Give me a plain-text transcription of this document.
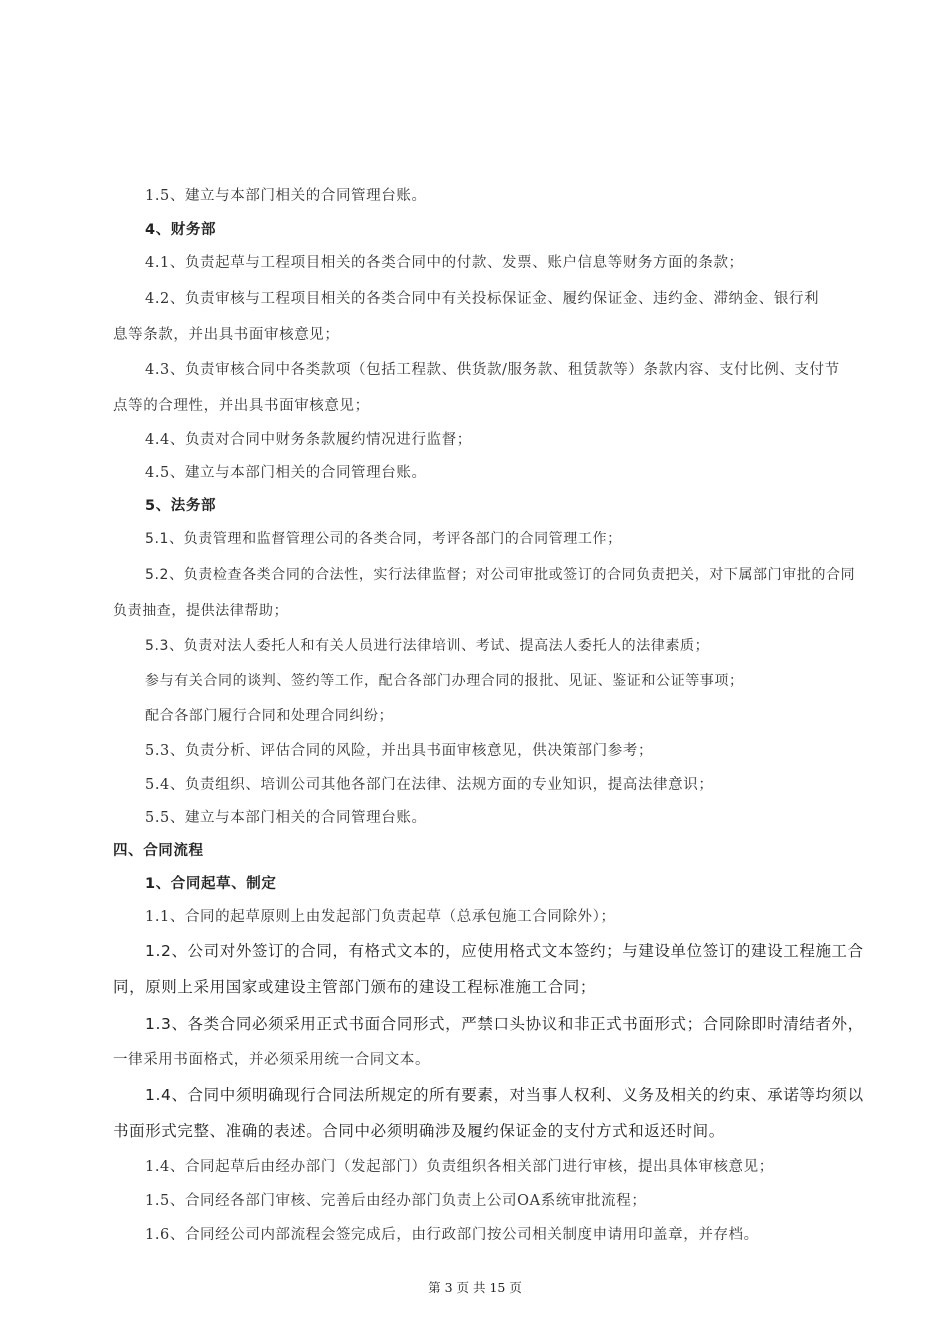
1.5、建立与本部门相关的合同管理台账。
4、财务部
4.1、负责起草与工程项目相关的各类合同中的付款、发票、账户信息等财务方面的条款；
4.2、负责审核与工程项目相关的各类合同中有关投标保证金、履约保证金、违约金、滞纳金、银行利
息等条款，并出具书面审核意见；
4.3、负责审核合同中各类款项（包括工程款、供货款/服务款、租赁款等）条款内容、支付比例、支付节
点等的合理性，并出具书面审核意见；
4.4、负责对合同中财务条款履约情况进行监督；
4.5、建立与本部门相关的合同管理台账。
5、法务部
5.1、负责管理和监督管理公司的各类合同，考评各部门的合同管理工作；
5.2、负责检查各类合同的合法性，实行法律监督；对公司审批或签订的合同负责把关，对下属部门审批的合同
负责抽查，提供法律帮助；
5.3、负责对法人委托人和有关人员进行法律培训、考试、提高法人委托人的法律素质；
参与有关合同的谈判、签约等工作，配合各部门办理合同的报批、见证、鉴证和公证等事项；
配合各部门履行合同和处理合同纠纷；
5.3、负责分析、评估合同的风险，并出具书面审核意见，供决策部门参考；
5.4、负责组织、培训公司其他各部门在法律、法规方面的专业知识，提高法律意识；
5.5、建立与本部门相关的合同管理台账。
四、合同流程
1、合同起草、制定
1.1、合同的起草原则上由发起部门负责起草（总承包施工合同除外）；
1.2、公司对外签订的合同，有格式文本的，应使用格式文本签约；与建设单位签订的建设工程施工合
同，原则上采用国家或建设主管部门颁布的建设工程标准施工合同；
1.3、各类合同必须采用正式书面合同形式，严禁口头协议和非正式书面形式；合同除即时清结者外，
一律采用书面格式，并必须采用统一合同文本。
1.4、合同中须明确现行合同法所规定的所有要素，对当事人权利、义务及相关的约束、承诺等均须以
书面形式完整、准确的表述。合同中必须明确涉及履约保证金的支付方式和返还时间。
1.4、合同起草后由经办部门（发起部门）负责组织各相关部门进行审核，提出具体审核意见；
1.5、合同经各部门审核、完善后由经办部门负责上公司OA系统审批流程；
1.6、合同经公司内部流程会签完成后，由行政部门按公司相关制度申请用印盖章，并存档。
第 3 页 共 15 页
